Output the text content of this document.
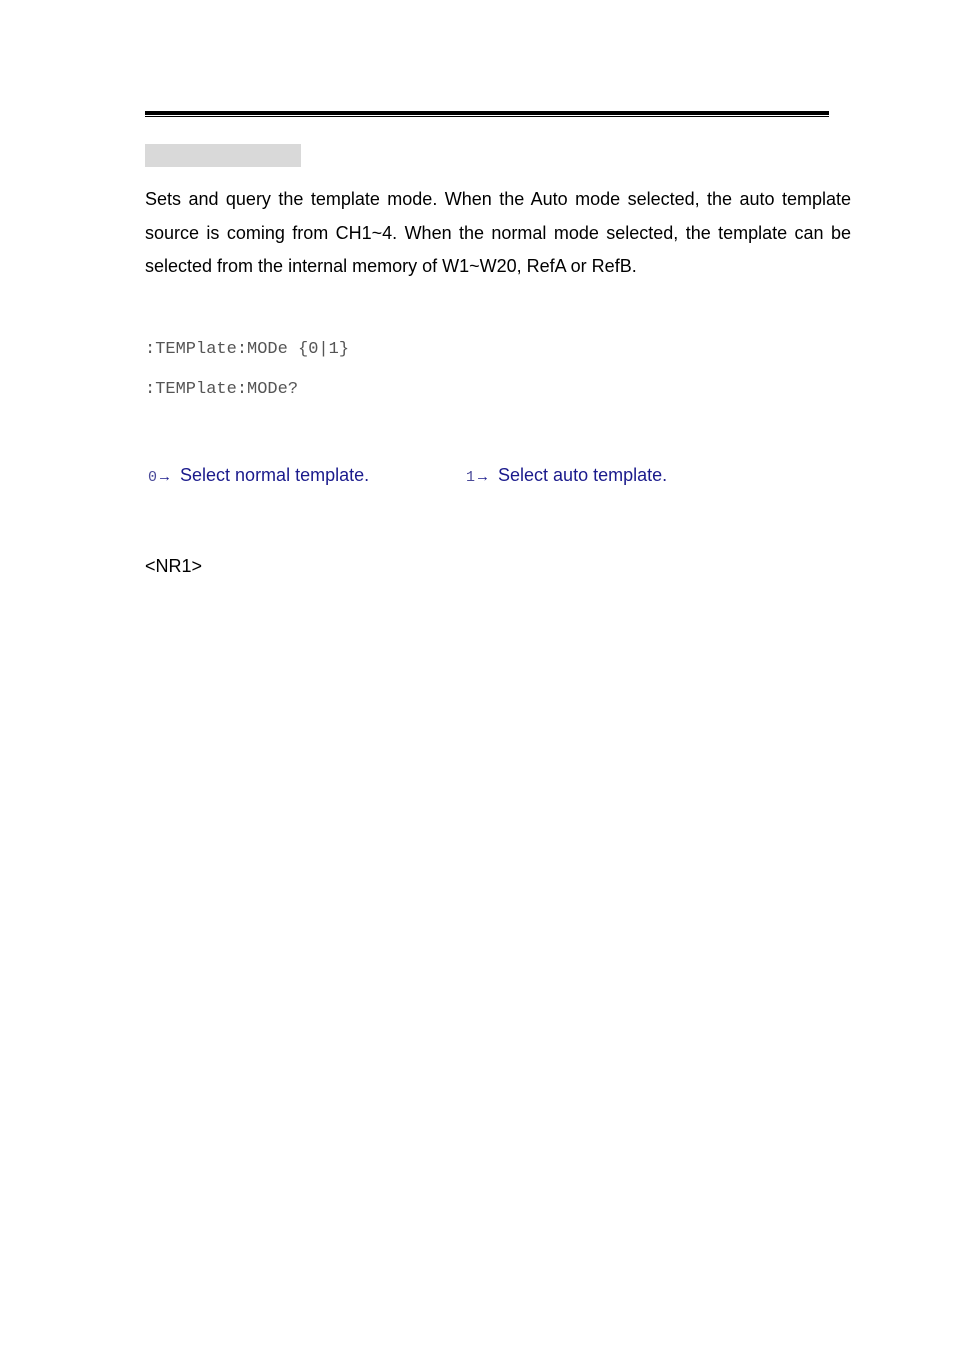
Sets and query the template mode. When the Auto mode selected, the auto template source is coming from CH1~4. When the normal mode selected, the template can be selected from the internal memory of W1~W20, RefA or RefB.

:TEMPlate:MODe {0|1}

:TEMPlate:MODe?

0→ Select normal template.	1→ Select auto template.

<NR1>
